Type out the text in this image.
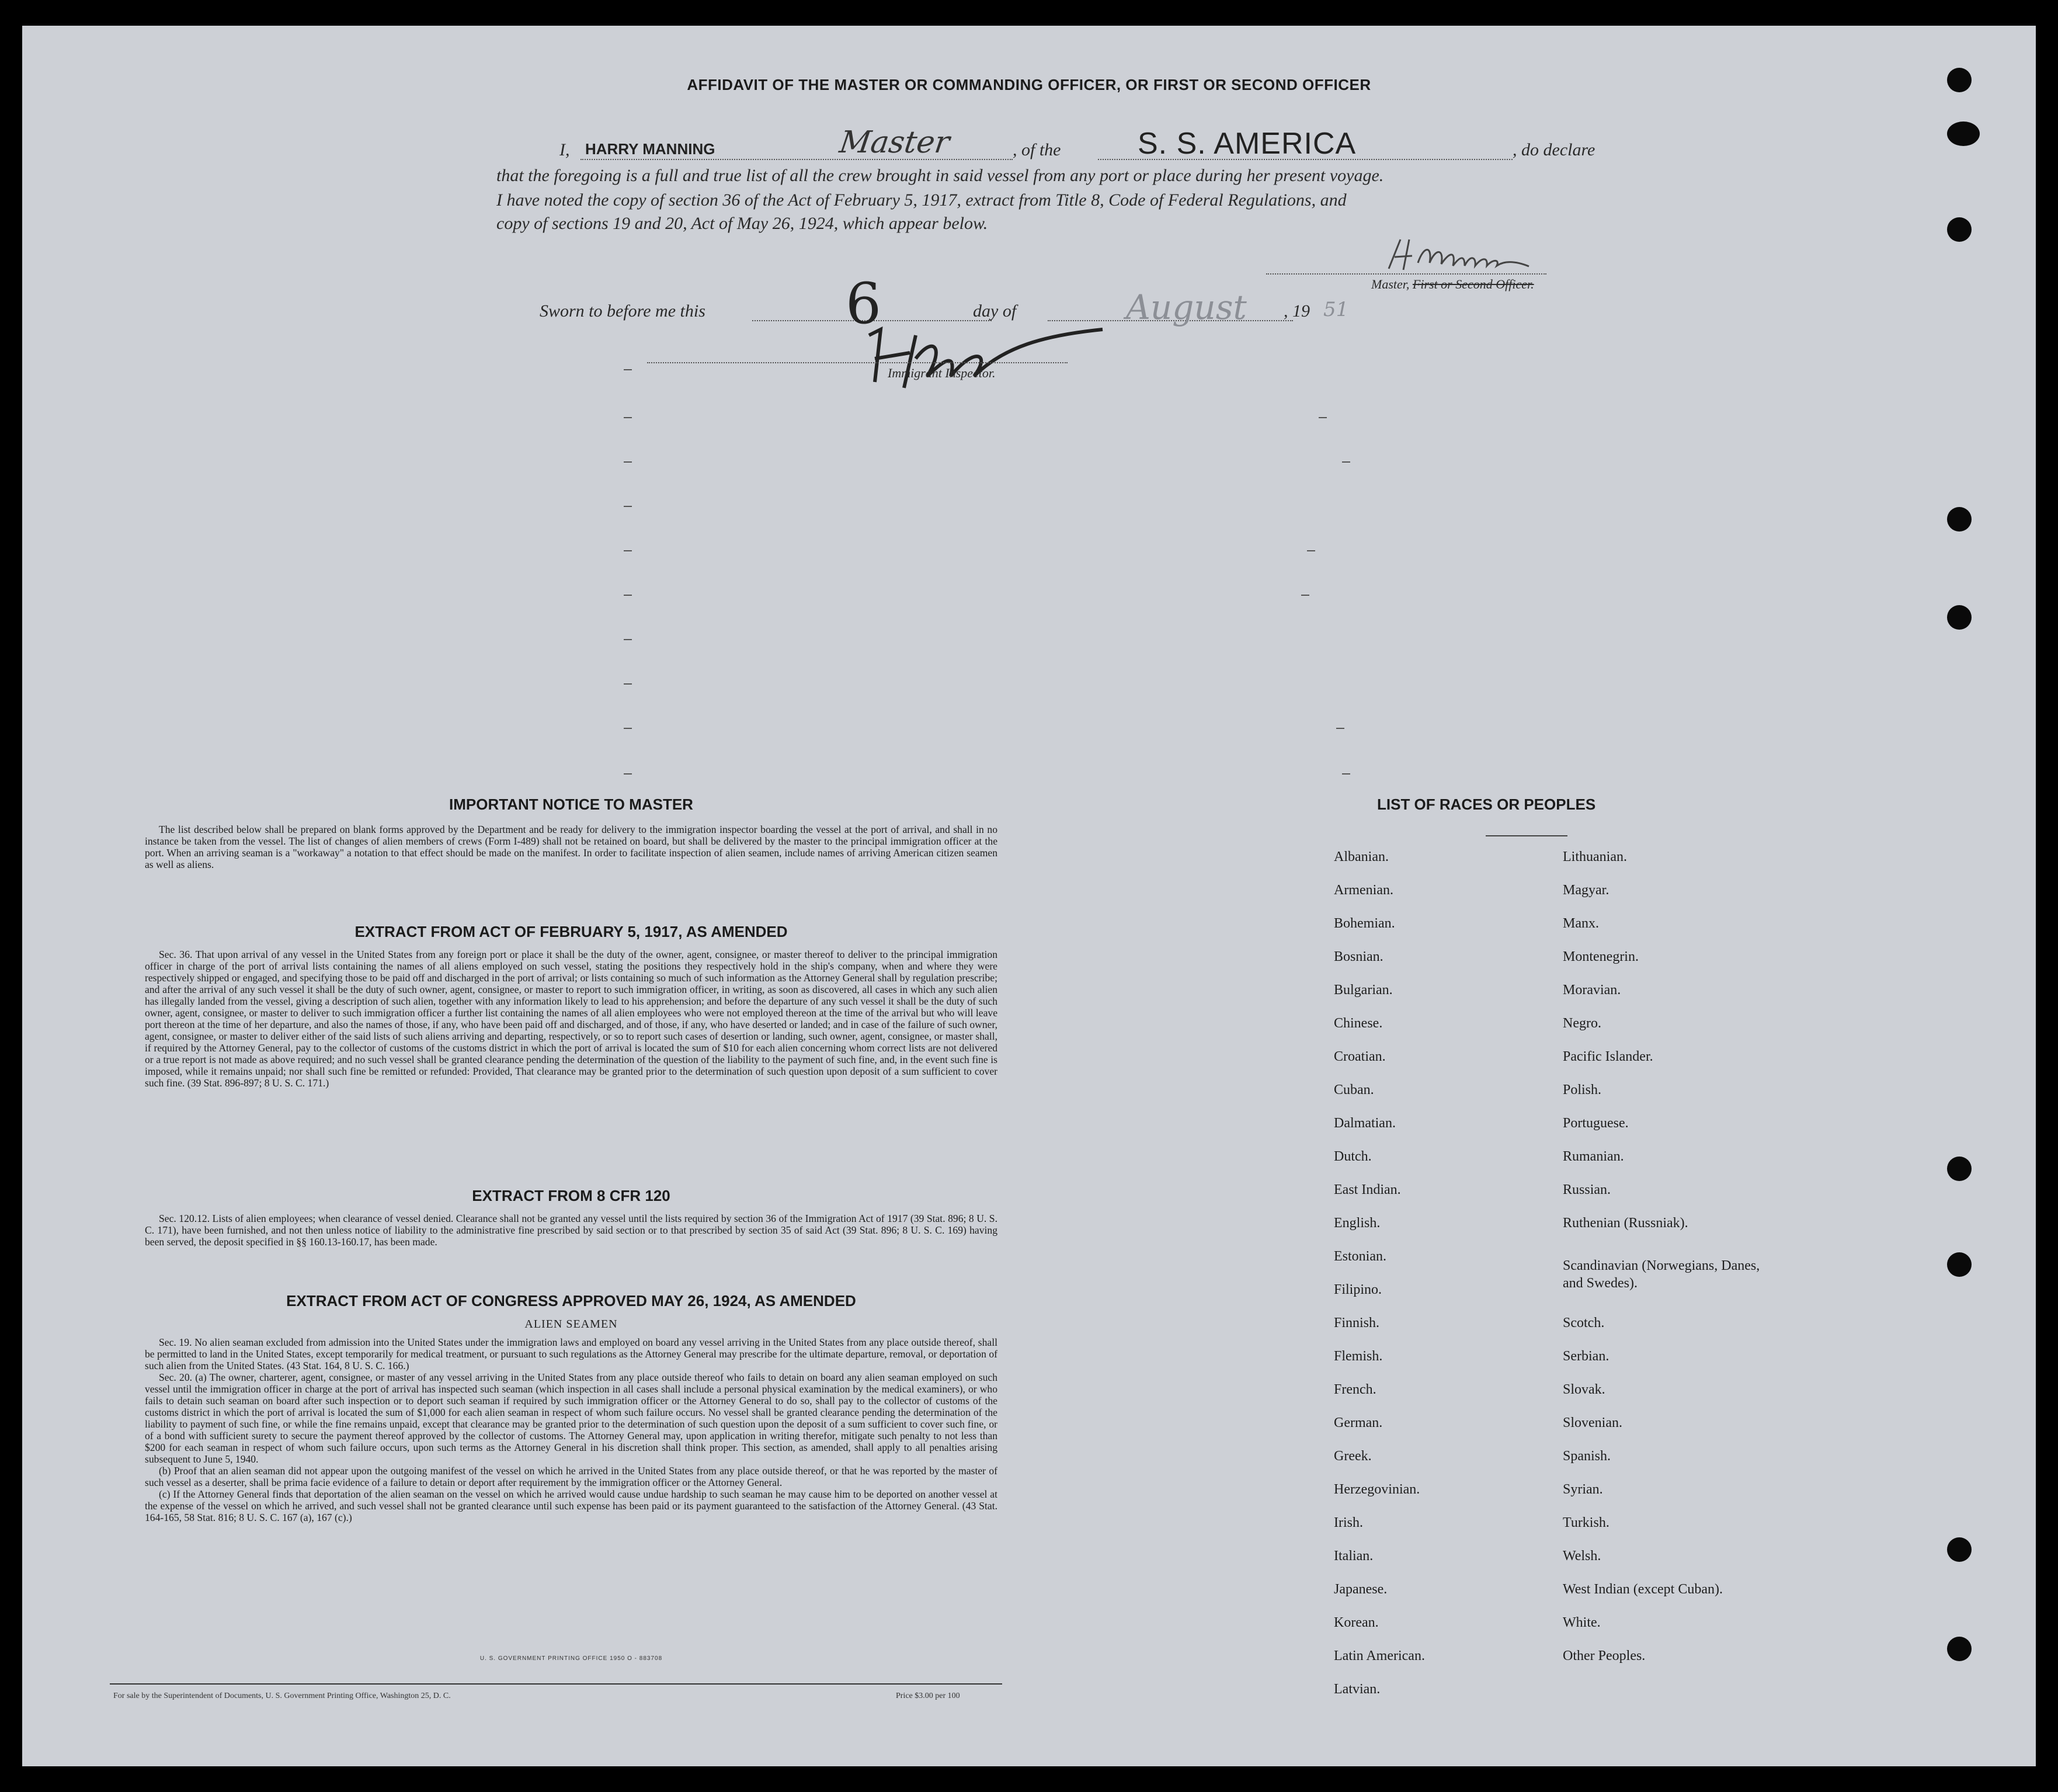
AFFIDAVIT OF THE MASTER OR COMMANDING OFFICER, OR FIRST OR SECOND OFFICER
I, HARRY MANNING	Master	, of the	S. S. AMERICA	, do declare
that the foregoing is a full and true list of all the crew brought in said vessel from any port or place during her present voyage.
I have noted the copy of section 36 of the Act of February 5, 1917, extract from Title 8, Code of Federal Regulations, and
copy of sections 19 and 20, Act of May 26, 1924, which appear below.
Master, First or Second Officer.
Sworn to before me this	6	day of	August , 19 51
Immigrant Inspector.
IMPORTANT NOTICE TO MASTER
The list described below shall be prepared on blank forms approved by the Department and be ready for delivery to the immigration inspector boarding the vessel at the port of arrival, and shall in no instance be taken from the vessel. The list of changes of alien members of crews (Form I-489) shall not be retained on board, but shall be delivered by the master to the principal immigration officer at the port. When an arriving seaman is a "workaway" a notation to that effect should be made on the manifest. In order to facilitate inspection of alien seamen, include names of arriving American citizen seamen as well as aliens.
EXTRACT FROM ACT OF FEBRUARY 5, 1917, AS AMENDED
Sec. 36. That upon arrival of any vessel in the United States from any foreign port or place it shall be the duty of the owner, agent, consignee, or master thereof to deliver to the principal immigration officer in charge of the port of arrival lists containing the names of all aliens employed on such vessel, stating the positions they respectively hold in the ship's company, when and where they were respectively shipped or engaged, and specifying those to be paid off and discharged in the port of arrival; or lists containing so much of such information as the Attorney General shall by regulation prescribe; and after the arrival of any such vessel it shall be the duty of such owner, agent, consignee, or master to report to such immigration officer, in writing, as soon as discovered, all cases in which any such alien has illegally landed from the vessel, giving a description of such alien, together with any information likely to lead to his apprehension; and before the departure of any such vessel it shall be the duty of such owner, agent, consignee, or master to deliver to such immigration officer a further list containing the names of all alien employees who were not employed thereon at the time of the arrival but who will leave port thereon at the time of her departure, and also the names of those, if any, who have been paid off and discharged, and of those, if any, who have deserted or landed; and in case of the failure of such owner, agent, consignee, or master to deliver either of the said lists of such aliens arriving and departing, respectively, or so to report such cases of desertion or landing, such owner, agent, consignee, or master shall, if required by the Attorney General, pay to the collector of customs of the customs district in which the port of arrival is located the sum of $10 for each alien concerning whom correct lists are not delivered or a true report is not made as above required; and no such vessel shall be granted clearance pending the determination of the question of the liability to the payment of such fine, and, in the event such fine is imposed, while it remains unpaid; nor shall such fine be remitted or refunded: Provided, That clearance may be granted prior to the determination of such question upon deposit of a sum sufficient to cover such fine. (39 Stat. 896-897; 8 U. S. C. 171.)
EXTRACT FROM 8 CFR 120
Sec. 120.12. Lists of alien employees; when clearance of vessel denied. Clearance shall not be granted any vessel until the lists required by section 36 of the Immigration Act of 1917 (39 Stat. 896; 8 U. S. C. 171), have been furnished, and not then unless notice of liability to the administrative fine prescribed by said section or to that prescribed by section 35 of said Act (39 Stat. 896; 8 U. S. C. 169) having been served, the deposit specified in §§ 160.13-160.17, has been made.
EXTRACT FROM ACT OF CONGRESS APPROVED MAY 26, 1924, AS AMENDED
ALIEN SEAMEN
Sec. 19. No alien seaman excluded from admission into the United States under the immigration laws and employed on board any vessel arriving in the United States from any place outside thereof, shall be permitted to land in the United States, except temporarily for medical treatment, or pursuant to such regulations as the Attorney General may prescribe for the ultimate departure, removal, or deportation of such alien from the United States. (43 Stat. 164, 8 U. S. C. 166.)
Sec. 20. (a) The owner, charterer, agent, consignee, or master of any vessel arriving in the United States from any place outside thereof who fails to detain on board any alien seaman employed on such vessel until the immigration officer in charge at the port of arrival has inspected such seaman (which inspection in all cases shall include a personal physical examination by the medical examiners), or who fails to detain such seaman on board after such inspection or to deport such seaman if required by such immigration officer or the Attorney General to do so, shall pay to the collector of customs of the customs district in which the port of arrival is located the sum of $1,000 for each alien seaman in respect of whom such failure occurs. No vessel shall be granted clearance pending the determination of the liability to payment of such fine, or while the fine remains unpaid, except that clearance may be granted prior to the determination of such question upon the deposit of a sum sufficient to cover such fine, or of a bond with sufficient surety to secure the payment thereof approved by the collector of customs. The Attorney General may, upon application in writing therefor, mitigate such penalty to not less than $200 for each seaman in respect of whom such failure occurs, upon such terms as the Attorney General in his discretion shall think proper. This section, as amended, shall apply to all penalties arising subsequent to June 5, 1940.
(b) Proof that an alien seaman did not appear upon the outgoing manifest of the vessel on which he arrived in the United States from any place outside thereof, or that he was reported by the master of such vessel as a deserter, shall be prima facie evidence of a failure to detain or deport after requirement by the immigration officer or the Attorney General.
(c) If the Attorney General finds that deportation of the alien seaman on the vessel on which he arrived would cause undue hardship to such seaman he may cause him to be deported on another vessel at the expense of the vessel on which he arrived, and such vessel shall not be granted clearance until such expense has been paid or its payment guaranteed to the satisfaction of the Attorney General. (43 Stat. 164-165, 58 Stat. 816; 8 U. S. C. 167 (a), 167 (c).)
U. S. GOVERNMENT PRINTING OFFICE 1950 O - 883708
For sale by the Superintendent of Documents, U. S. Government Printing Office, Washington 25, D. C.	Price $3.00 per 100
LIST OF RACES OR PEOPLES
Albanian.
Armenian.
Bohemian.
Bosnian.
Bulgarian.
Chinese.
Croatian.
Cuban.
Dalmatian.
Dutch.
East Indian.
English.
Estonian.
Filipino.
Finnish.
Flemish.
French.
German.
Greek.
Herzegovinian.
Irish.
Italian.
Japanese.
Korean.
Latin American.
Latvian.
Lithuanian.
Magyar.
Manx.
Montenegrin.
Moravian.
Negro.
Pacific Islander.
Polish.
Portuguese.
Rumanian.
Russian.
Ruthenian (Russniak).
Scandinavian (Norwegians, Danes, and Swedes).
Scotch.
Serbian.
Slovak.
Slovenian.
Spanish.
Syrian.
Turkish.
Welsh.
West Indian (except Cuban).
White.
Other Peoples.
